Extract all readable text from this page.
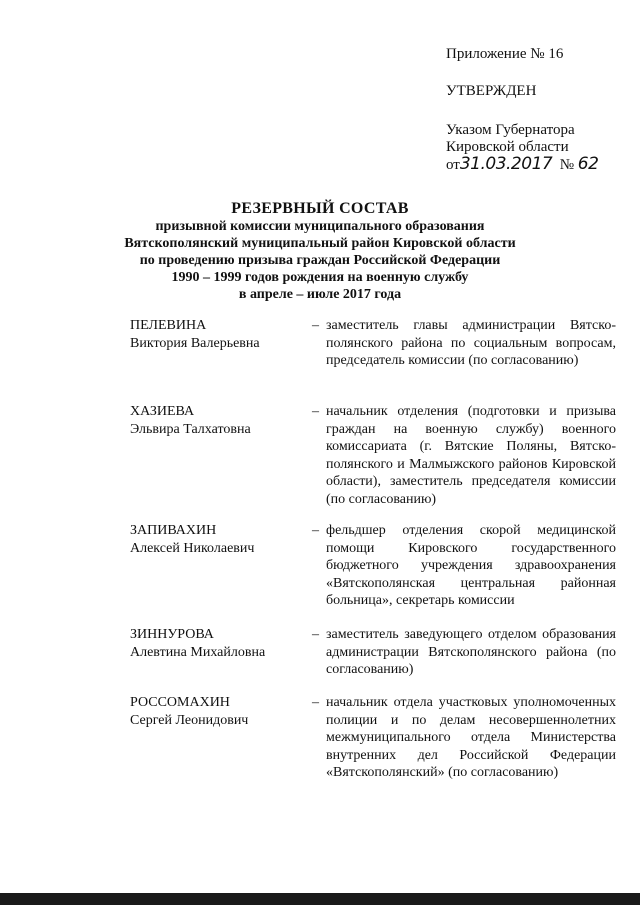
Приложение № 16
УТВЕРЖДЕН
Указом Губернатора
Кировской области
от31.03.2017 № 62
РЕЗЕРВНЫЙ СОСТАВ
призывной комиссии муниципального образования
Вятскополянский муниципальный район Кировской области
по проведению призыва граждан Российской Федерации
1990 – 1999 годов рождения на военную службу
в апреле – июле 2017 года
ПЕЛЕВИНА
Виктория Валерьевна
– заместитель главы администрации Вятскополянского района по социальным вопросам, председатель комиссии (по согласованию)
ХАЗИЕВА
Эльвира Талхатовна
– начальник отделения (подготовки и призыва граждан на военную службу) военного комиссариата (г. Вятские Поляны, Вятскополянского и Малмыжского районов Кировской области), заместитель председателя комиссии (по согласованию)
ЗАПИВАХИН
Алексей Николаевич
– фельдшер отделения скорой медицинской помощи Кировского государственного бюджетного учреждения здравоохранения «Вятскополянская центральная районная больница», секретарь комиссии
ЗИННУРОВА
Алевтина Михайловна
– заместитель заведующего отделом образования администрации Вятскополянского района (по согласованию)
РОССОМАХИН
Сергей Леонидович
– начальник отдела участковых уполномоченных полиции и по делам несовершеннолетних межмуниципального отдела Министерства внутренних дел Российской Федерации «Вятскополянский» (по согласованию)
